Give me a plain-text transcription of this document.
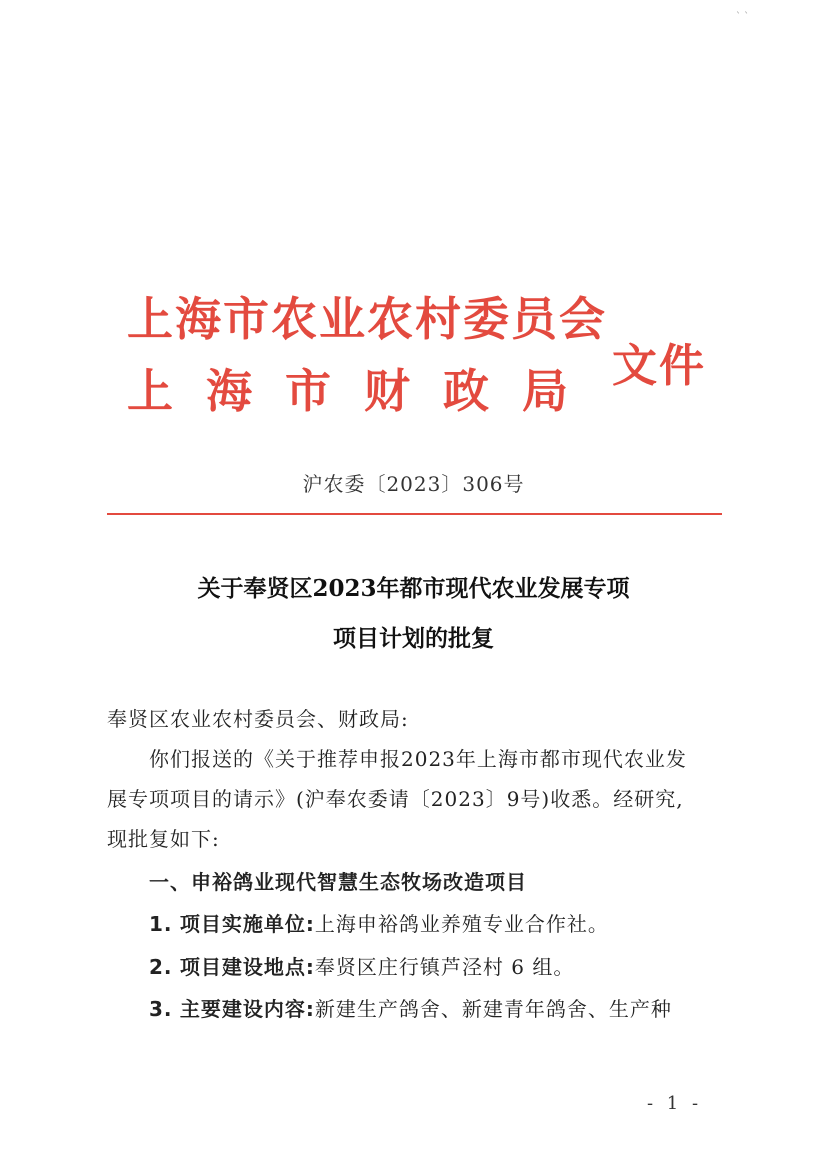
` `
上海市农业农村委员会
上海市财政局 文件
沪农委〔2023〕306号
关于奉贤区2023年都市现代农业发展专项
项目计划的批复
奉贤区农业农村委员会、财政局:
你们报送的《关于推荐申报2023年上海市都市现代农业发
展专项项目的请示》(沪奉农委请〔2023〕9号)收悉。经研究,
现批复如下:
一、申裕鸽业现代智慧生态牧场改造项目
1. 项目实施单位:上海申裕鸽业养殖专业合作社。
2. 项目建设地点:奉贤区庄行镇芦泾村 6 组。
3. 主要建设内容:新建生产鸽舍、新建青年鸽舍、生产种
- 1 -
